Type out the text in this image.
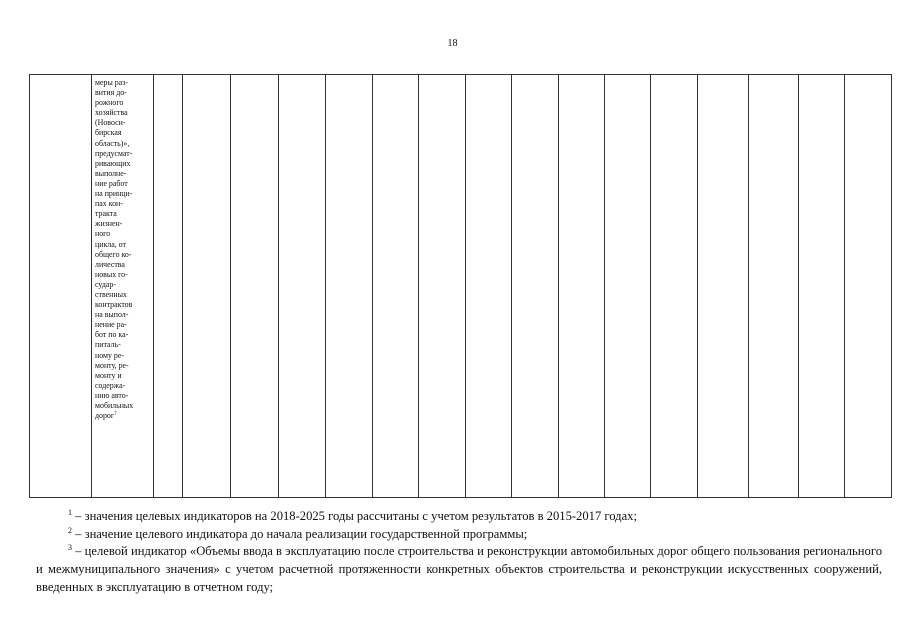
18

меры раз-
вития до-
рожного
хозяйства
(Новоси-
бирская
область)»,
предусмат-
ривающих
выполне-
ние работ
на принци-
пах кон-
тракта
жизнен-
ного
цикла, от
общего ко-
личества
новых го-
судар-
ственных
контрактов
на выпол-
нение ра-
бот по ка-
питаль-
ному ре-
монту, ре-
монту и
содержа-
нию авто-
мобильных
дорог$^7$

$^1$ – значения целевых индикаторов на 2018-2025 годы рассчитаны с учетом результатов в 2015-2017 годах;

$^2$ – значение целевого индикатора до начала реализации государственной программы;

$^3$ – целевой индикатор «Объемы ввода в эксплуатацию после строительства и реконструкции автомобильных дорог общего пользования регионального и межмуниципального значения» с учетом расчетной протяженности конкретных объектов строительства и реконструкции искусственных сооружений, введенных в эксплуатацию в отчетном году;
